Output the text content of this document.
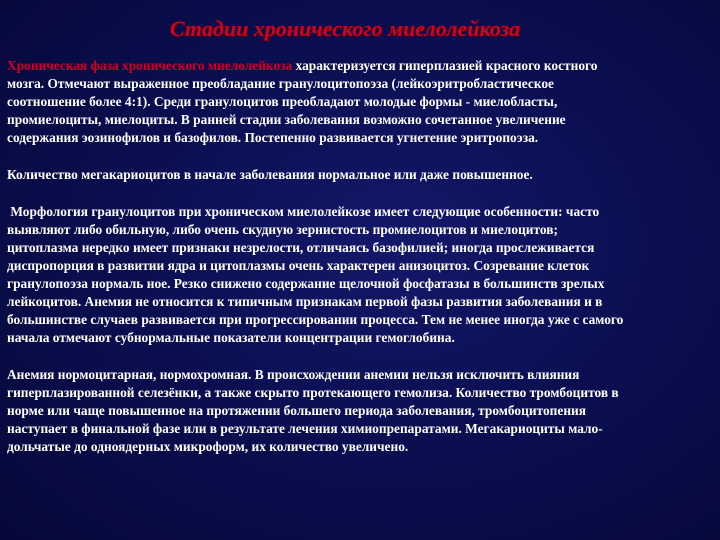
Стадии хронического миелолейкоза

Хроническая фаза хронического миелолейкоза характеризуется гиперплазией красного костного
мозга. Отмечают выраженное преобладание гранулоцитопоэза (лейкоэритробластическое
соотношение более 4:1). Среди гранулоцитов преобладают молодые формы - миелобласты,
промиелоциты, миелоциты. В ранней стадии заболевания возможно сочетанное увеличение
содержания эозинофилов и базофилов. Постепенно развивается угнетение эритропоэза.

Количество мегакариоцитов в начале заболевания нормальное или даже повышенное.

Морфология гранулоцитов при хроническом миелолейкозе имеет следующие особенности: часто
выявляют либо обильную, либо очень скудную зернистость промиелоцитов и миелоцитов;
цитоплазма нередко имеет признаки незрелости, отличаясь базофилией; иногда прослеживается
диспропорция в развитии ядра и цитоплазмы очень характерен анизоцитоз. Созревание клеток
гранулопоэза нормаль ное. Резко снижено содержание щелочной фосфатазы в большинств зрелых
лейкоцитов. Анемия не относится к типичным признакам первой фазы развития заболевания и в
большинстве случаев развивается при прогрессировании процесса. Тем не менее иногда уже с самого
начала отмечают субнормальные показатели концентрации гемоглобина.

Анемия нормоцитарная, нормохромная. В происхождении анемии нельзя исключить влияния
гиперплазированной селезёнки, а также скрыто протекающего гемолиза. Количество тромбоцитов в
норме или чаще повышенное на протяжении большего периода заболевания, тромбоцитопения
наступает в финальной фазе или в результате лечения химиопрепаратами. Мегакариоциты мало-
дольчатые до одноядерных микроформ, их количество увеличено.
